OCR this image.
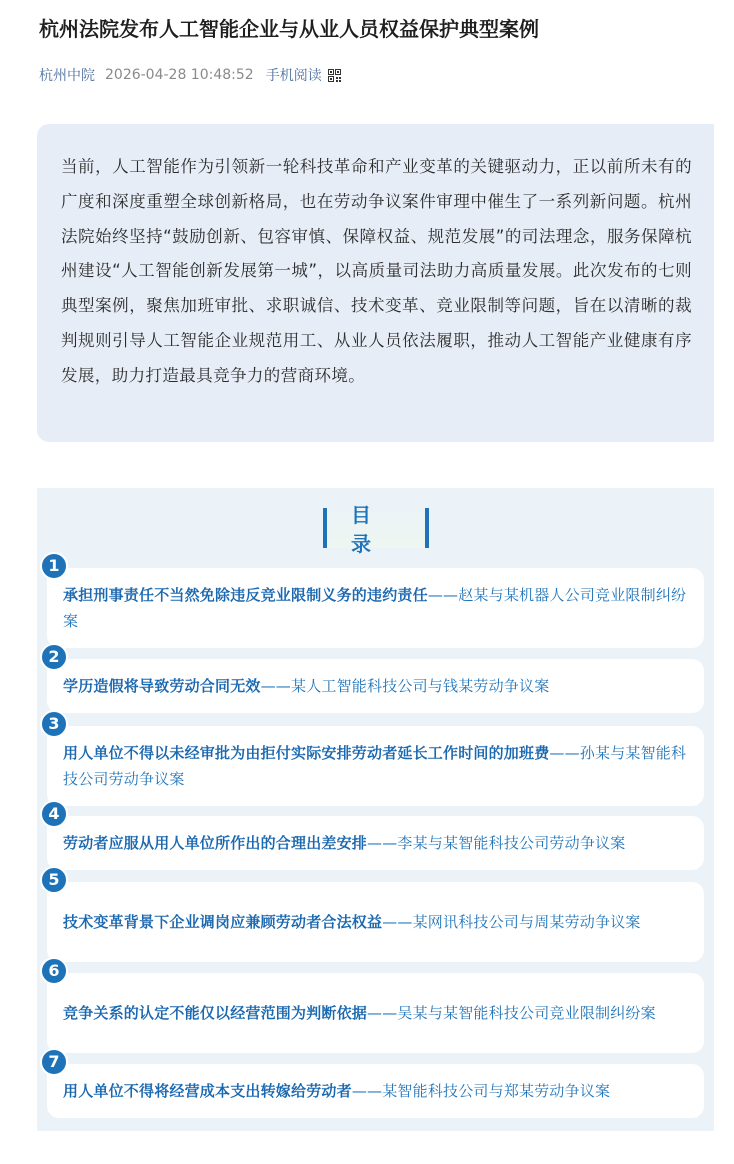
杭州法院发布人工智能企业与从业人员权益保护典型案例
杭州中院 2026-04-28 10:48:52 手机阅读

当前，人工智能作为引领新一轮科技革命和产业变革的关键驱动力，正以前所未有的广度和深度重塑全球创新格局，也在劳动争议案件审理中催生了一系列新问题。杭州法院始终坚持“鼓励创新、包容审慎、保障权益、规范发展”的司法理念，服务保障杭州建设“人工智能创新发展第一城”，以高质量司法助力高质量发展。此次发布的七则典型案例，聚焦加班审批、求职诚信、技术变革、竞业限制等问题，旨在以清晰的裁判规则引导人工智能企业规范用工、从业人员依法履职，推动人工智能产业健康有序发展，助力打造最具竞争力的营商环境。

目录
1
承担刑事责任不当然免除违反竞业限制义务的违约责任——赵某与某机器人公司竞业限制纠纷案
2
学历造假将导致劳动合同无效——某人工智能科技公司与钱某劳动争议案
3
用人单位不得以未经审批为由拒付实际安排劳动者延长工作时间的加班费——孙某与某智能科技公司劳动争议案
4
劳动者应服从用人单位所作出的合理出差安排——李某与某智能科技公司劳动争议案
5
技术变革背景下企业调岗应兼顾劳动者合法权益——某网讯科技公司与周某劳动争议案
6
竞争关系的认定不能仅以经营范围为判断依据——吴某与某智能科技公司竞业限制纠纷案
7
用人单位不得将经营成本支出转嫁给劳动者——某智能科技公司与郑某劳动争议案
